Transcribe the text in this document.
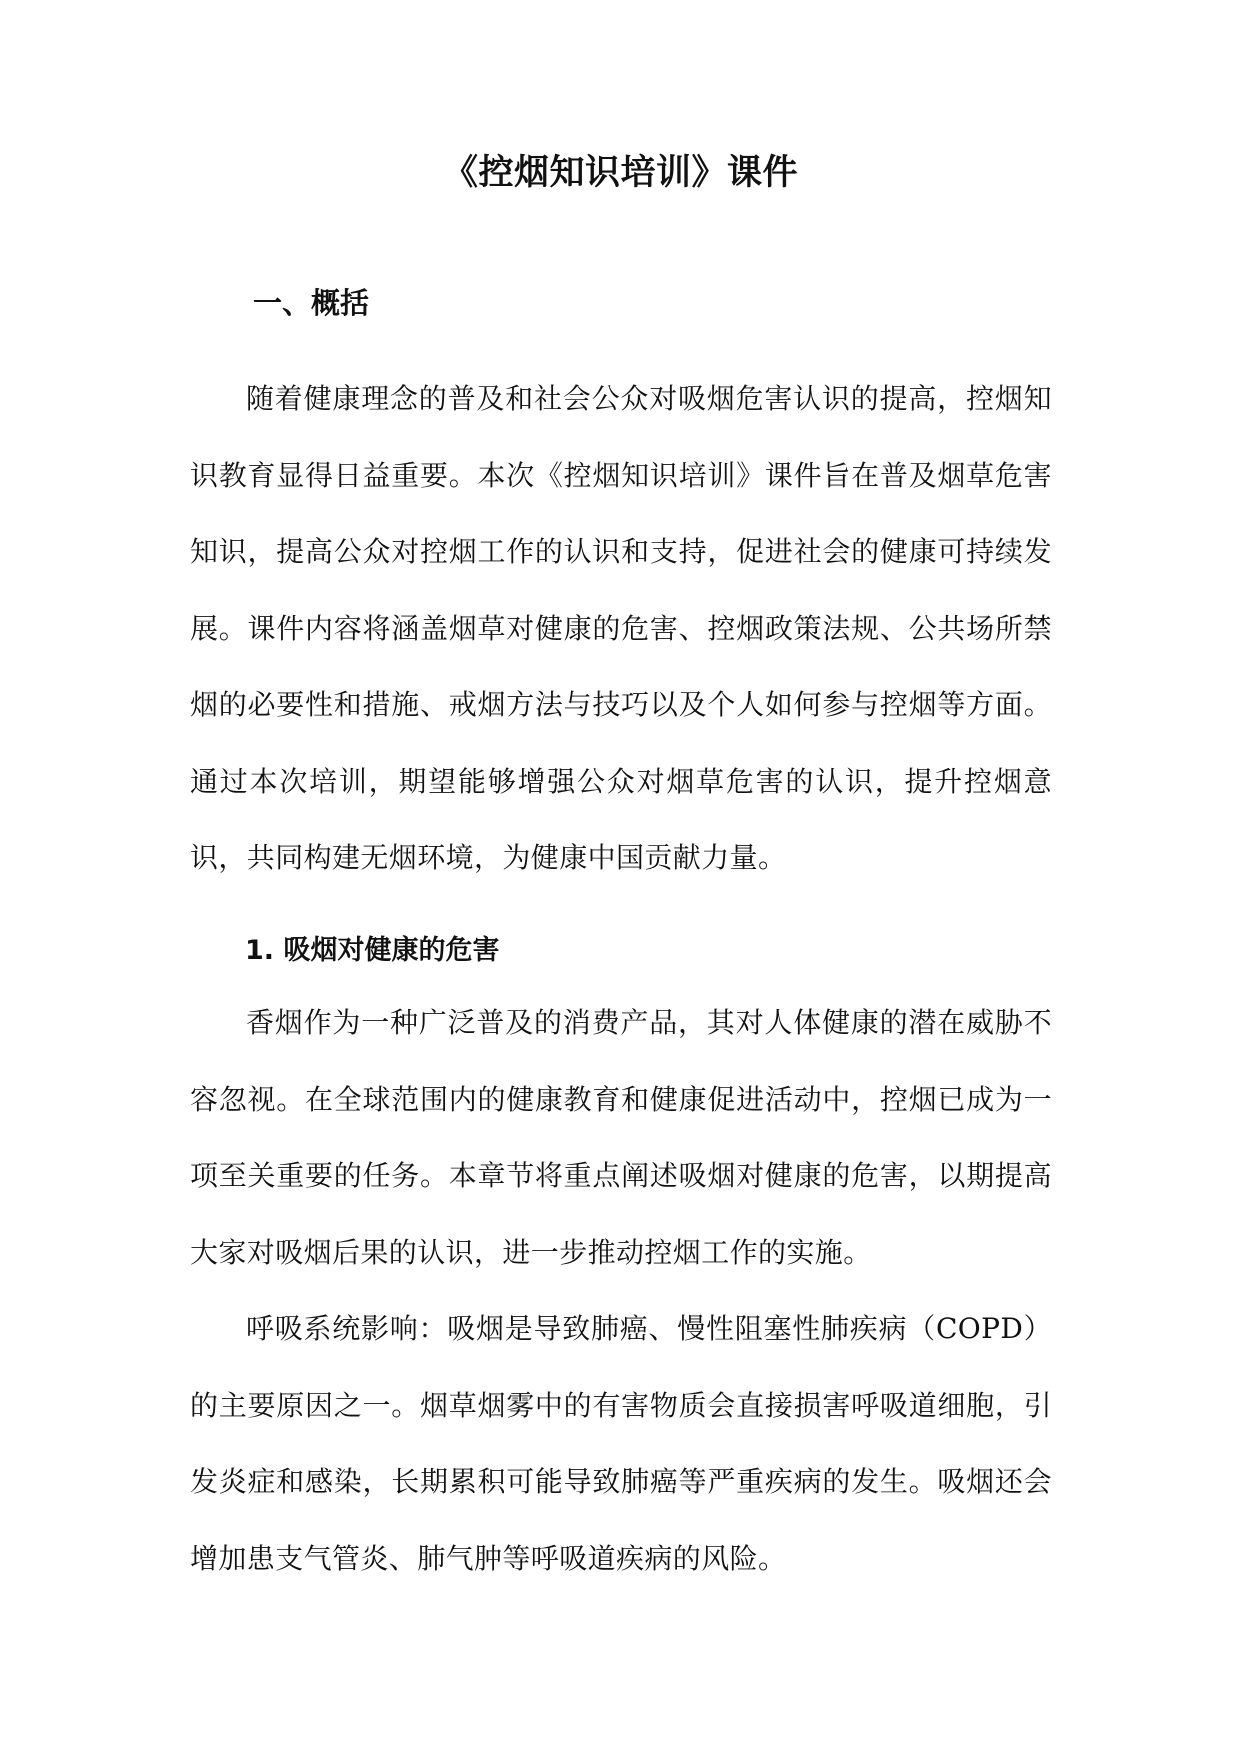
《控烟知识培训》课件
一、概括

随着健康理念的普及和社会公众对吸烟危害认识的提高，控烟知识教育显得日益重要。本次《控烟知识培训》课件旨在普及烟草危害知识，提高公众对控烟工作的认识和支持，促进社会的健康可持续发展。课件内容将涵盖烟草对健康的危害、控烟政策法规、公共场所禁烟的必要性和措施、戒烟方法与技巧以及个人如何参与控烟等方面。通过本次培训，期望能够增强公众对烟草危害的认识，提升控烟意识，共同构建无烟环境，为健康中国贡献力量。

1. 吸烟对健康的危害

香烟作为一种广泛普及的消费产品，其对人体健康的潜在威胁不容忽视。在全球范围内的健康教育和健康促进活动中，控烟已成为一项至关重要的任务。本章节将重点阐述吸烟对健康的危害，以期提高大家对吸烟后果的认识，进一步推动控烟工作的实施。

呼吸系统影响：吸烟是导致肺癌、慢性阻塞性肺疾病（COPD）的主要原因之一。烟草烟雾中的有害物质会直接损害呼吸道细胞，引发炎症和感染，长期累积可能导致肺癌等严重疾病的发生。吸烟还会增加患支气管炎、肺气肿等呼吸道疾病的风险。
